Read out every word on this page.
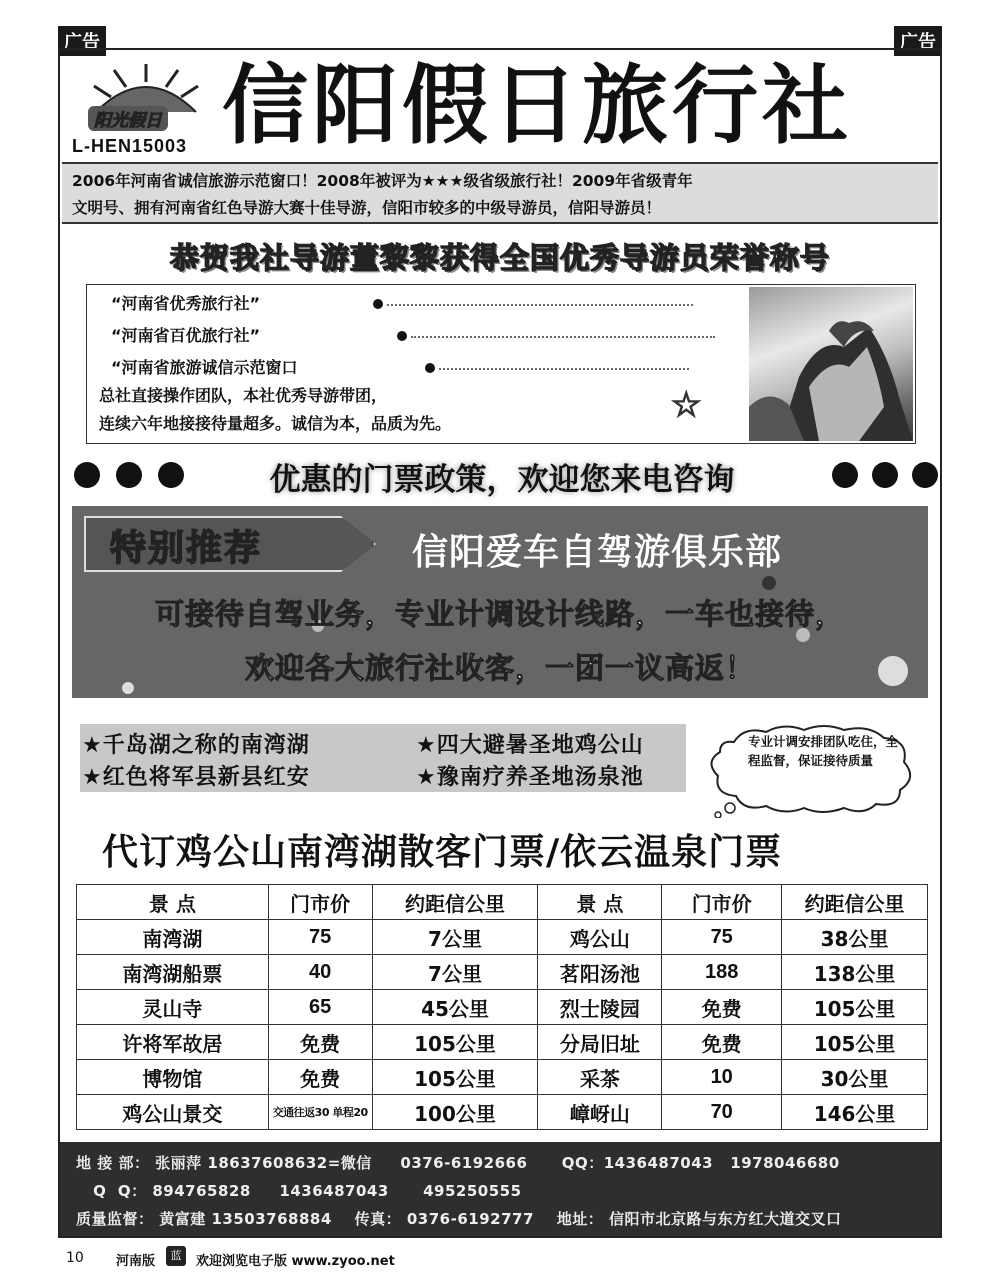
广告	广告
阳光假日
L-HEN15003 信阳假日旅行社
2006年河南省诚信旅游示范窗口！2008年被评为★★★级省级旅行社！2009年省级青年
文明号、拥有河南省红色导游大赛十佳导游，信阳市较多的中级导游员，信阳导游员！
恭贺我社导游董黎黎获得全国优秀导游员荣誉称号
“河南省优秀旅行社”
“河南省百优旅行社”
“河南省旅游诚信示范窗口
总社直接操作团队，本社优秀导游带团，
连续六年地接接待量超多。诚信为本，品质为先。	☆
优惠的门票政策，欢迎您来电咨询
特别推荐	信阳爱车自驾游俱乐部
可接待自驾业务，专业计调设计线路，一车也接待，
欢迎各大旅行社收客，一团一议高返！
★千岛湖之称的南湾湖	★四大避暑圣地鸡公山
★红色将军县新县红安	★豫南疗养圣地汤泉池
专业计调安排团队吃住，全程监督，保证接待质量
代订鸡公山南湾湖散客门票/依云温泉门票
景 点	门市价	约距信公里	景 点	门市价	约距信公里
南湾湖	75	7公里	鸡公山	75	38公里
南湾湖船票	40	7公里	茗阳汤池	188	138公里
灵山寺	65	45公里	烈士陵园	免费	105公里
许将军故居	免费	105公里	分局旧址	免费	105公里
博物馆	免费	105公里	采茶	10	30公里
鸡公山景交	交通往返30 单程20	100公里	嶂岈山	70	146公里
地 接 部： 张丽萍 18637608632=微信     0376-6192666      QQ：1436487043   1978046680
Q  Q： 894765828     1436487043      495250555
质量监督： 黄富建 13503768884    传真： 0376-6192777    地址： 信阳市北京路与东方红大道交叉口
10 河南版	蓝	欢迎浏览电子版 www.zyoo.net
